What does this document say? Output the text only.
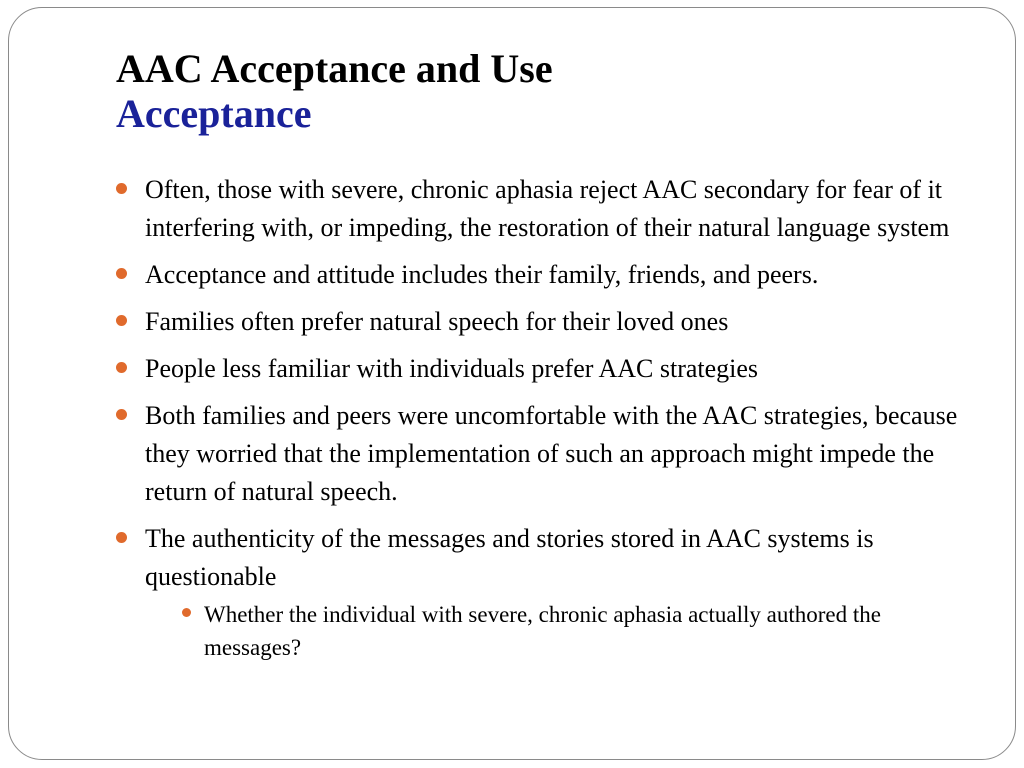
AAC Acceptance and Use
Acceptance
Often, those with severe, chronic aphasia reject AAC secondary for fear of it interfering with, or impeding, the restoration of their natural language system
Acceptance and attitude includes their family, friends, and peers.
Families often prefer natural speech for their loved ones
People less familiar with individuals prefer AAC strategies
Both families and peers were uncomfortable with the AAC strategies, because they worried that the implementation of such an approach might impede the return of natural speech.
The authenticity of the messages and stories stored in AAC systems is questionable
Whether the individual with severe, chronic aphasia actually authored the messages?
